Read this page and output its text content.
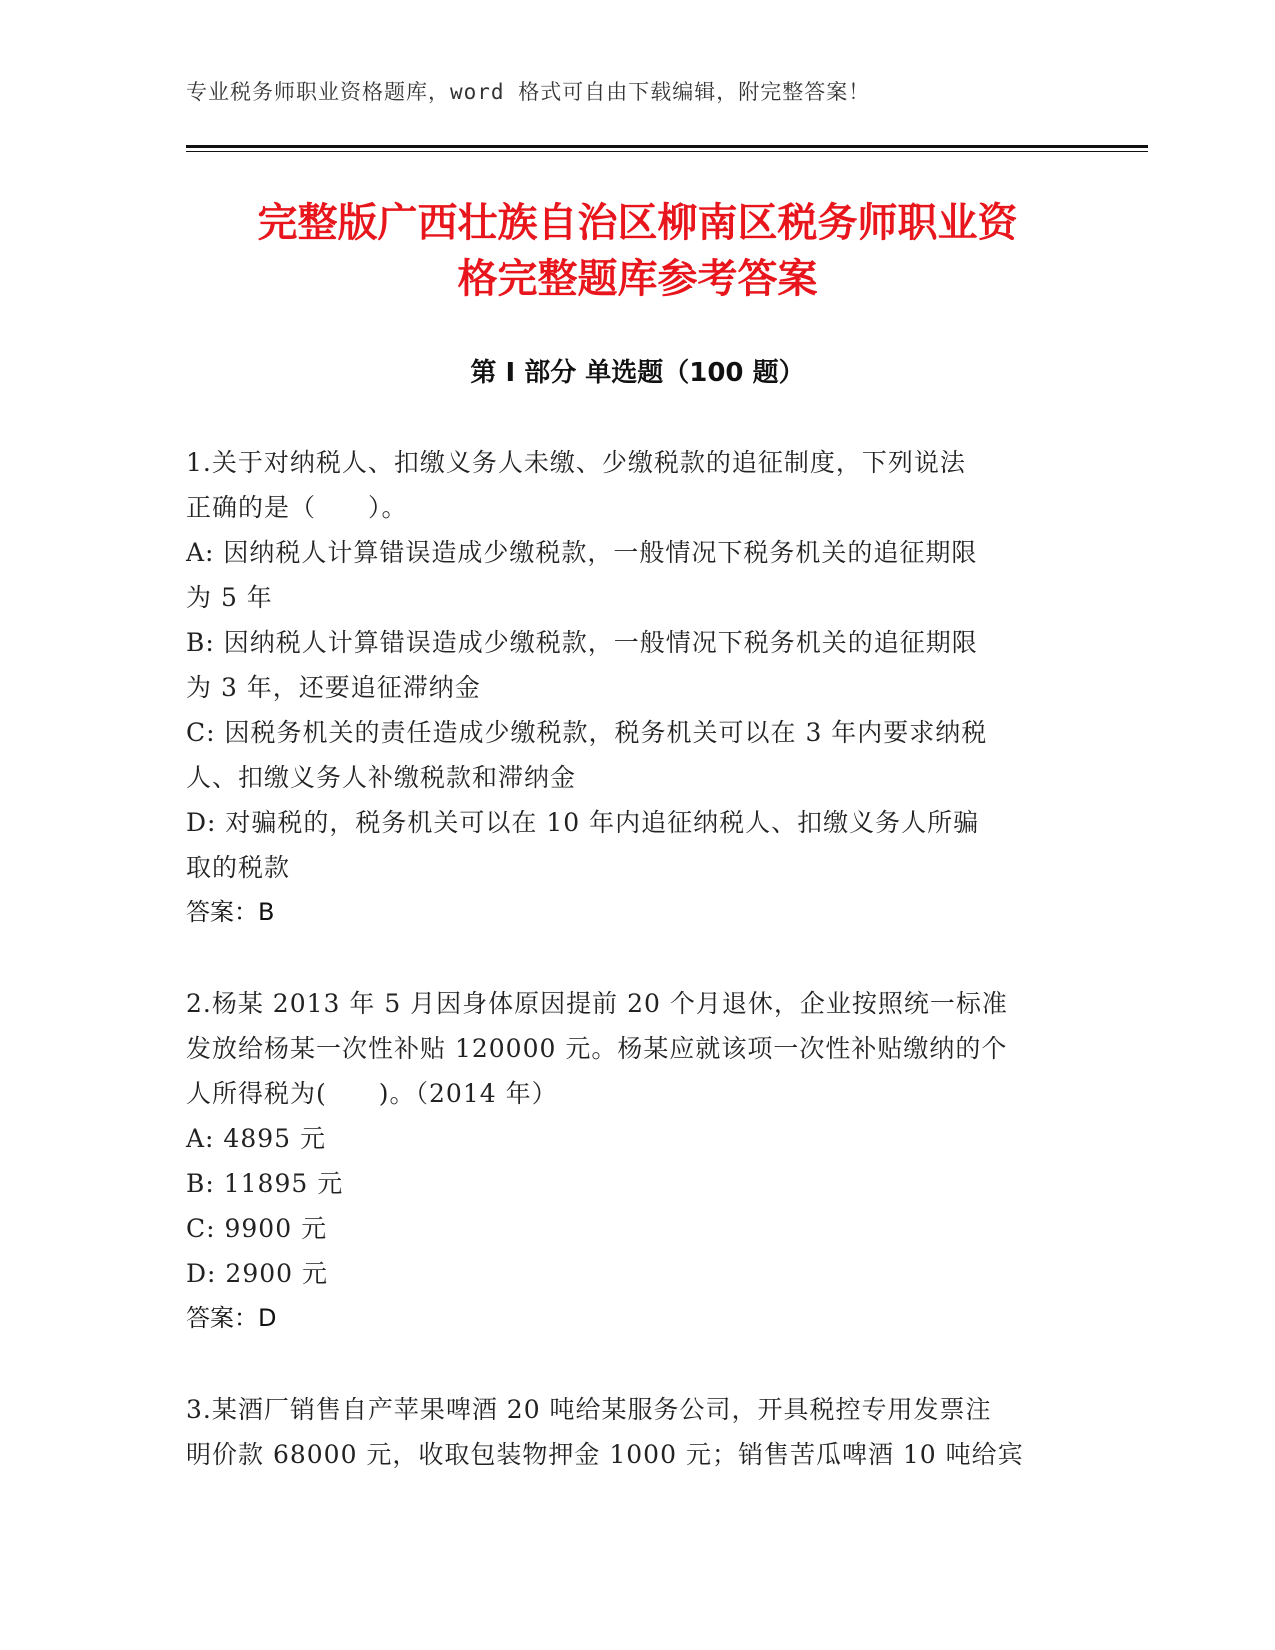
专业税务师职业资格题库，word 格式可自由下载编辑，附完整答案！
完整版广西壮族自治区柳南区税务师职业资
格完整题库参考答案
第 I 部分 单选题（100 题）
1.关于对纳税人、扣缴义务人未缴、少缴税款的追征制度，下列说法
正确的是（　　）。
A: 因纳税人计算错误造成少缴税款，一般情况下税务机关的追征期限
为 5 年
B: 因纳税人计算错误造成少缴税款，一般情况下税务机关的追征期限
为 3 年，还要追征滞纳金
C: 因税务机关的责任造成少缴税款，税务机关可以在 3 年内要求纳税
人、扣缴义务人补缴税款和滞纳金
D: 对骗税的，税务机关可以在 10 年内追征纳税人、扣缴义务人所骗
取的税款
答案：B
2.杨某 2013 年 5 月因身体原因提前 20 个月退休，企业按照统一标准
发放给杨某一次性补贴 120000 元。杨某应就该项一次性补贴缴纳的个
人所得税为(　　)。（2014 年）
A: 4895 元
B: 11895 元
C: 9900 元
D: 2900 元
答案：D
3.某酒厂销售自产苹果啤酒 20 吨给某服务公司，开具税控专用发票注
明价款 68000 元，收取包装物押金 1000 元；销售苦瓜啤酒 10 吨给宾
